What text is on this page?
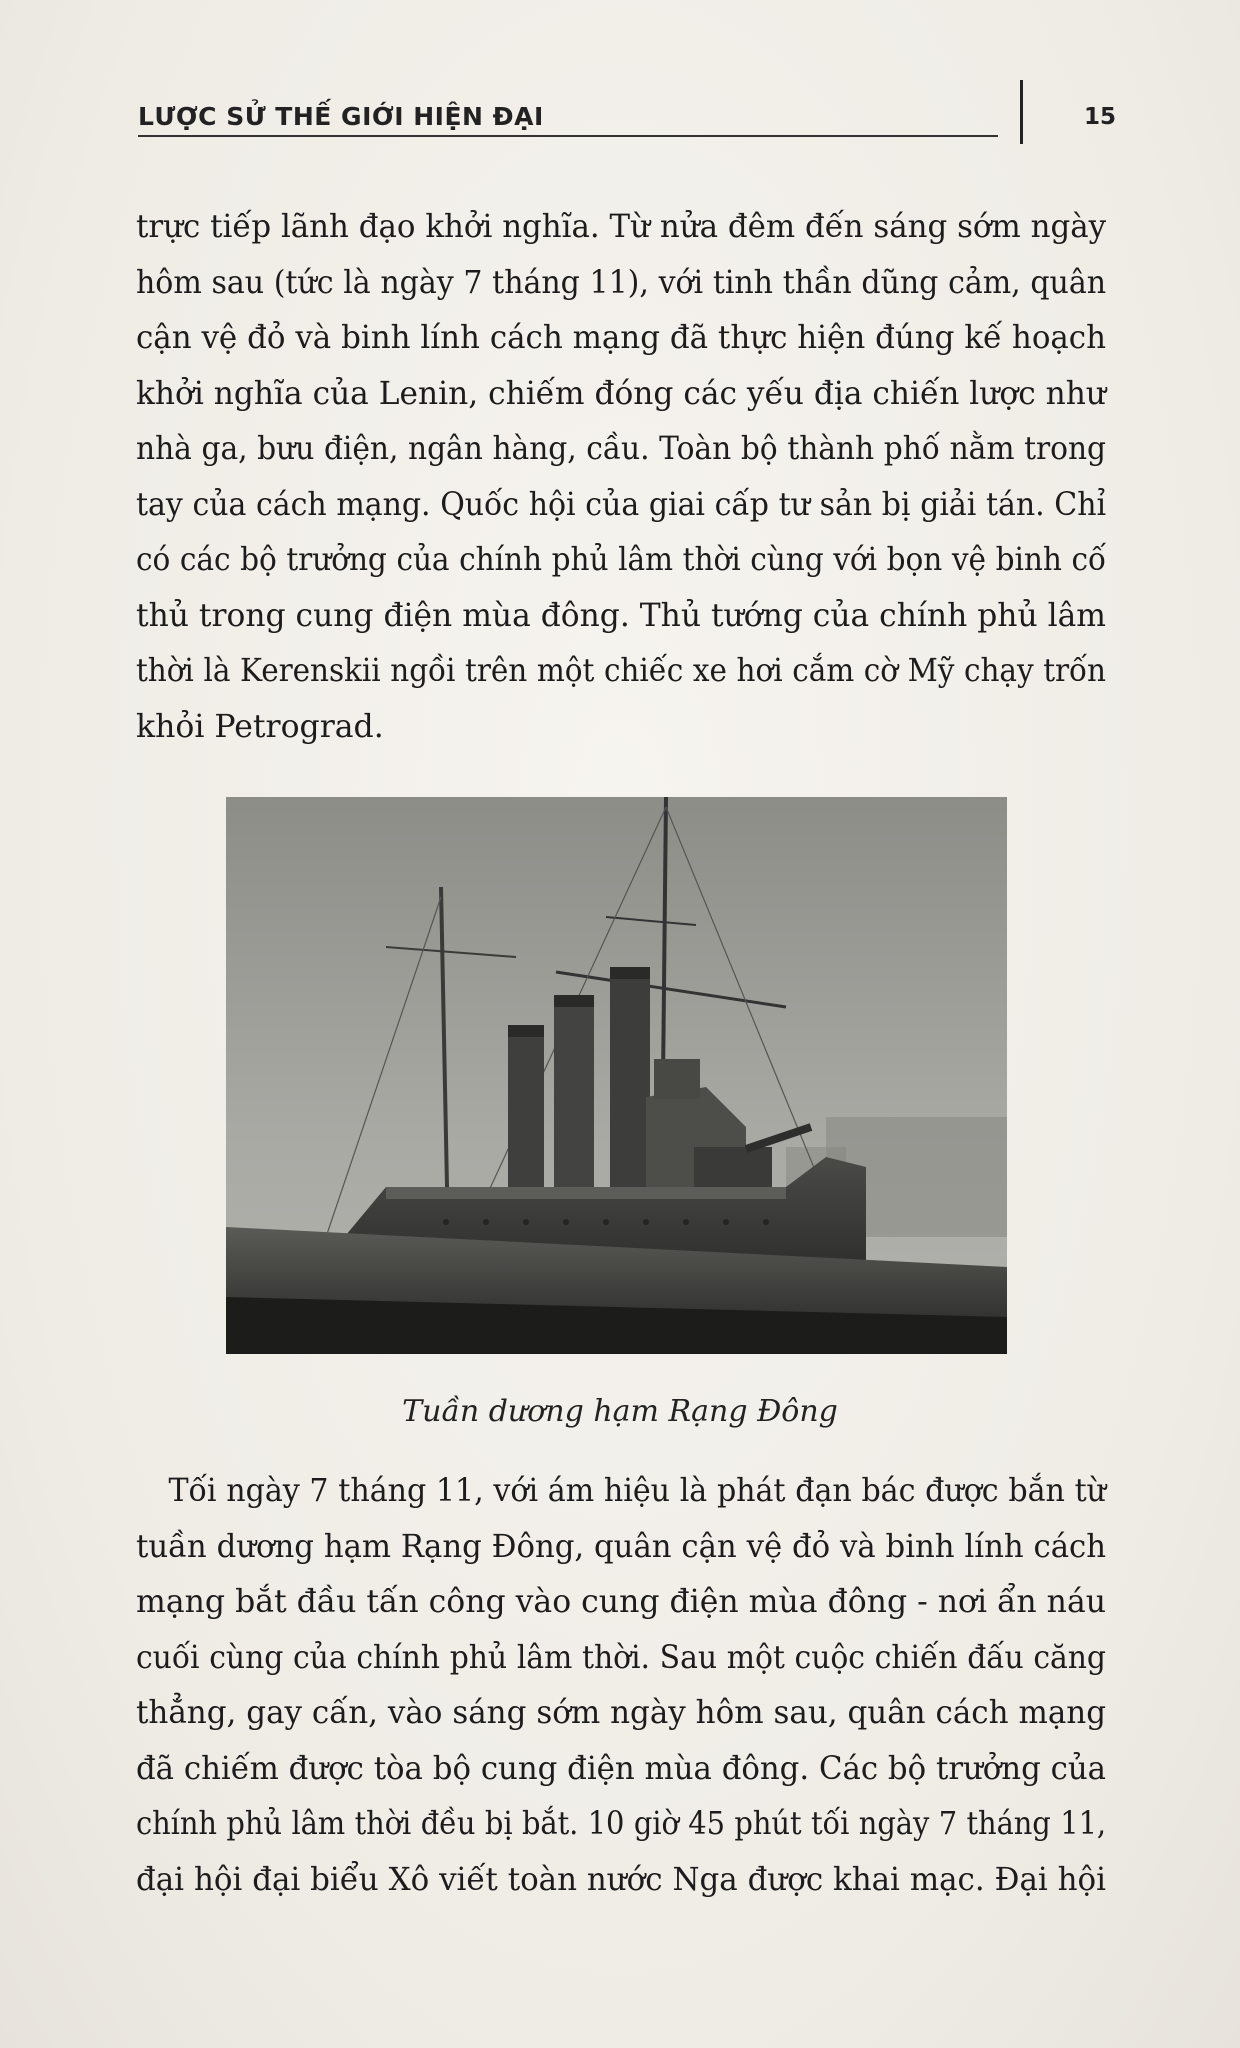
LƯỢC SỬ THẾ GIỚI HIỆN ĐẠI	15
trực tiếp lãnh đạo khởi nghĩa. Từ nửa đêm đến sáng sớm ngày
hôm sau (tức là ngày 7 tháng 11), với tinh thần dũng cảm, quân
cận vệ đỏ và binh lính cách mạng đã thực hiện đúng kế hoạch
khởi nghĩa của Lenin, chiếm đóng các yếu địa chiến lược như
nhà ga, bưu điện, ngân hàng, cầu. Toàn bộ thành phố nằm trong
tay của cách mạng. Quốc hội của giai cấp tư sản bị giải tán. Chỉ
có các bộ trưởng của chính phủ lâm thời cùng với bọn vệ binh cố
thủ trong cung điện mùa đông. Thủ tướng của chính phủ lâm
thời là Kerenskii ngồi trên một chiếc xe hơi cắm cờ Mỹ chạy trốn
khỏi Petrograd.
Tuần dương hạm Rạng Đông
Tối ngày 7 tháng 11, với ám hiệu là phát đạn bác được bắn từ
tuần dương hạm Rạng Đông, quân cận vệ đỏ và binh lính cách
mạng bắt đầu tấn công vào cung điện mùa đông - nơi ẩn náu
cuối cùng của chính phủ lâm thời. Sau một cuộc chiến đấu căng
thẳng, gay cấn, vào sáng sớm ngày hôm sau, quân cách mạng
đã chiếm được tòa bộ cung điện mùa đông. Các bộ trưởng của
chính phủ lâm thời đều bị bắt. 10 giờ 45 phút tối ngày 7 tháng 11,
đại hội đại biểu Xô viết toàn nước Nga được khai mạc. Đại hội
